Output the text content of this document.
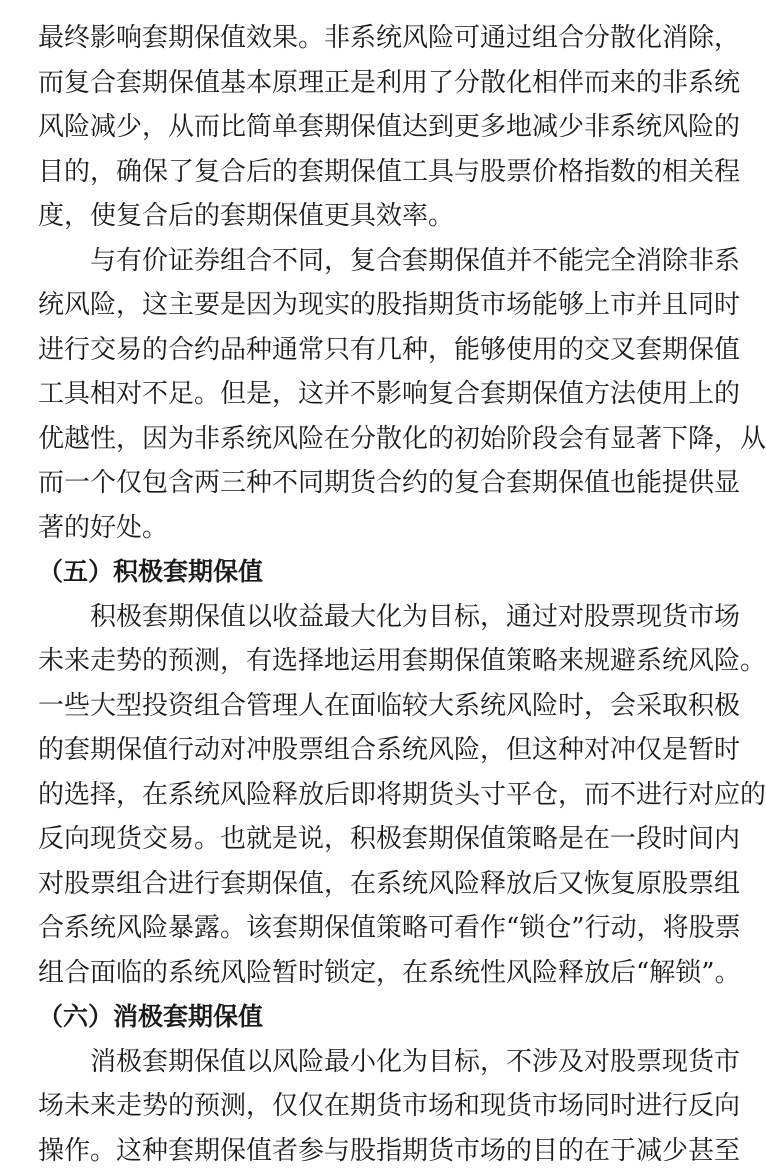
最终影响套期保值效果。非系统风险可通过组合分散化消除，
而复合套期保值基本原理正是利用了分散化相伴而来的非系统
风险减少，从而比简单套期保值达到更多地减少非系统风险的
目的，确保了复合后的套期保值工具与股票价格指数的相关程
度，使复合后的套期保值更具效率。
与有价证券组合不同，复合套期保值并不能完全消除非系
统风险，这主要是因为现实的股指期货市场能够上市并且同时
进行交易的合约品种通常只有几种，能够使用的交叉套期保值
工具相对不足。但是，这并不影响复合套期保值方法使用上的
优越性，因为非系统风险在分散化的初始阶段会有显著下降，从
而一个仅包含两三种不同期货合约的复合套期保值也能提供显
著的好处。
（五）积极套期保值
积极套期保值以收益最大化为目标，通过对股票现货市场
未来走势的预测，有选择地运用套期保值策略来规避系统风险。
一些大型投资组合管理人在面临较大系统风险时，会采取积极
的套期保值行动对冲股票组合系统风险，但这种对冲仅是暂时
的选择，在系统风险释放后即将期货头寸平仓，而不进行对应的
反向现货交易。也就是说，积极套期保值策略是在一段时间内
对股票组合进行套期保值，在系统风险释放后又恢复原股票组
合系统风险暴露。该套期保值策略可看作“锁仓”行动，将股票
组合面临的系统风险暂时锁定，在系统性风险释放后“解锁”。
（六）消极套期保值
消极套期保值以风险最小化为目标，不涉及对股票现货市
场未来走势的预测，仅仅在期货市场和现货市场同时进行反向
操作。这种套期保值者参与股指期货市场的目的在于减少甚至
